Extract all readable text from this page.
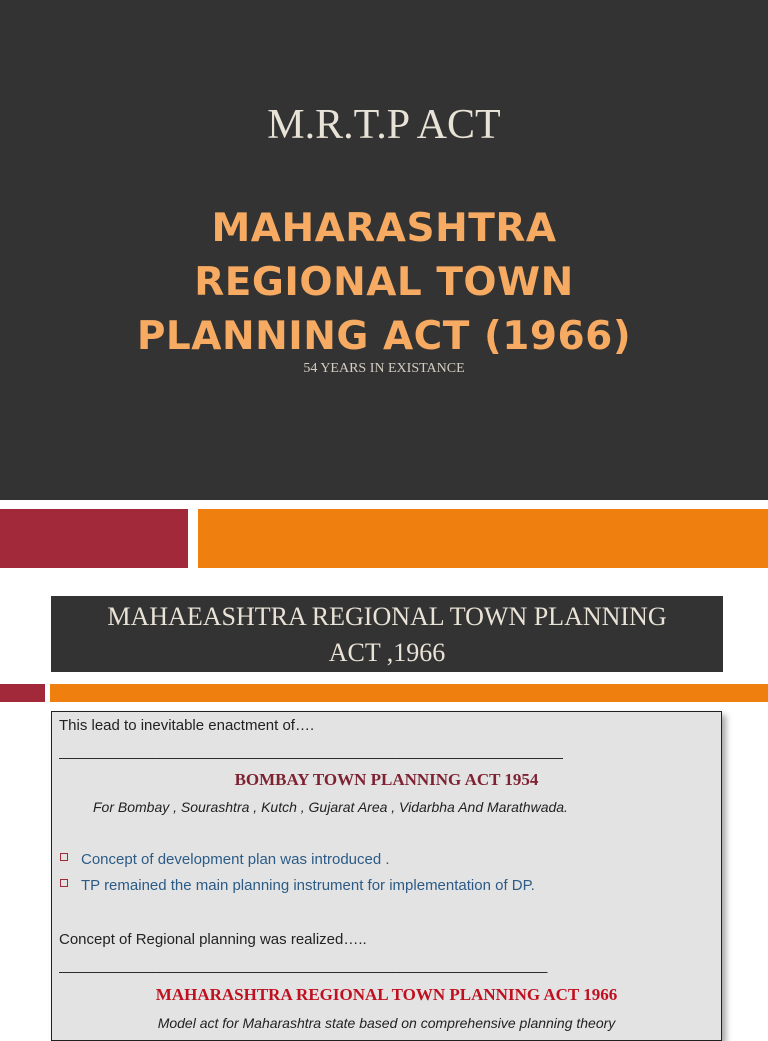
M.R.T.P ACT
MAHARASHTRA
REGIONAL TOWN
PLANNING ACT (1966)
54 YEARS IN EXISTANCE
MAHAEASHTRA REGIONAL TOWN PLANNING
ACT ,1966
This lead to inevitable enactment of….
_________________________________________________________________
BOMBAY TOWN PLANNING ACT 1954
For Bombay , Sourashtra , Kutch , Gujarat Area , Vidarbha And Marathwada.
Concept of development plan was introduced .
TP remained the main planning instrument for implementation of DP.
Concept of Regional planning was realized…..
_______________________________________________________________
MAHARASHTRA REGIONAL TOWN PLANNING ACT 1966
Model act for Maharashtra state based on comprehensive planning theory
